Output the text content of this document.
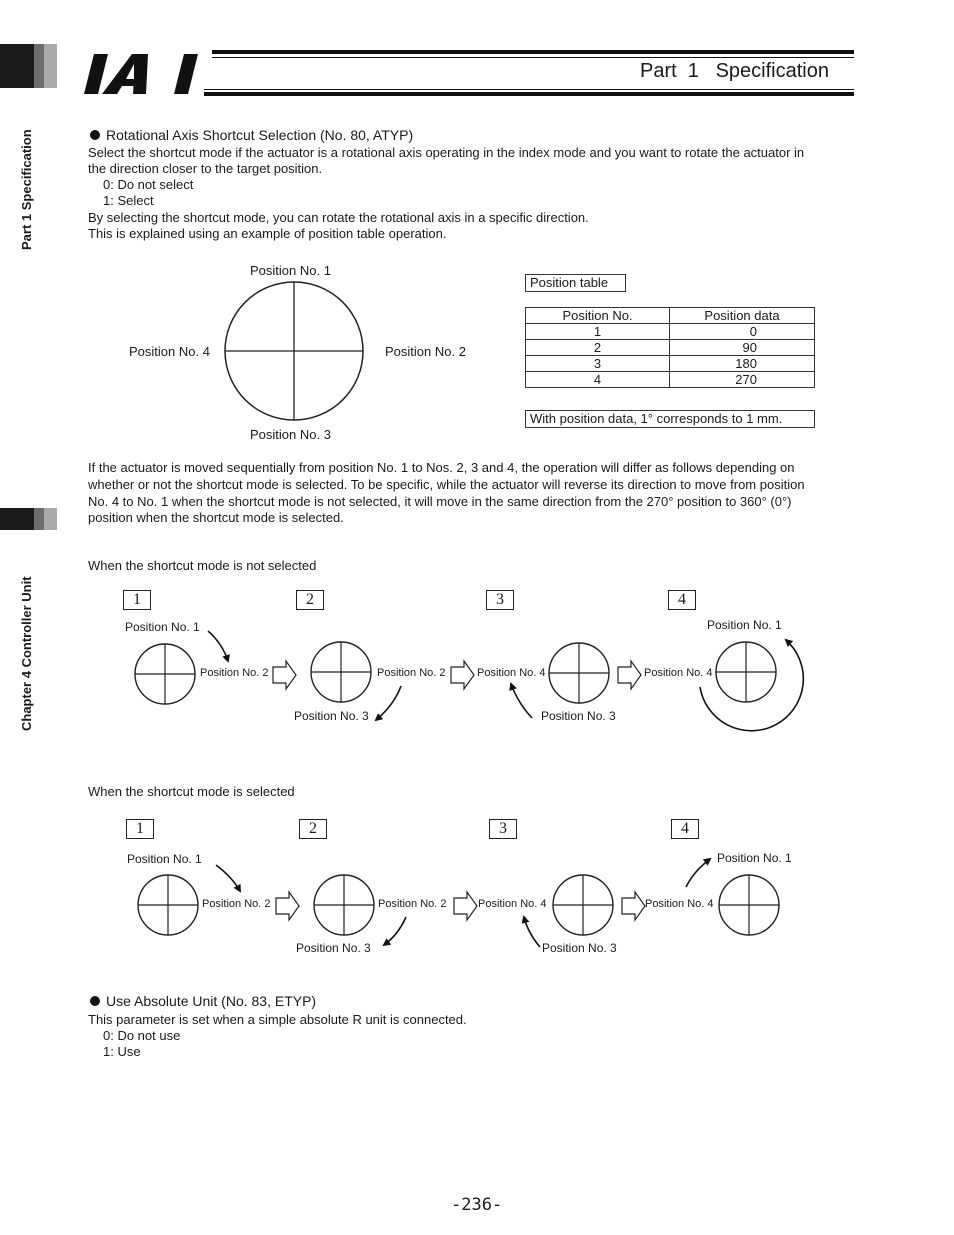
Part  1   Specification
Part 1 Specification
Chapter 4 Controller Unit
Rotational Axis Shortcut Selection (No. 80, ATYP)
Select the shortcut mode if the actuator is a rotational axis operating in the index mode and you want to rotate the actuator in
the direction closer to the target position.
0: Do not select
1: Select
By selecting the shortcut mode, you can rotate the rotational axis in a specific direction.
This is explained using an example of position table operation.
Position No. 1
Position No. 2
Position No. 3
Position No. 4
Position table
Position No.	Position data
1	0
2	90
3	180
4	270
With position data, 1° corresponds to 1 mm.
If the actuator is moved sequentially from position No. 1 to Nos. 2, 3 and 4, the operation will differ as follows depending on
whether or not the shortcut mode is selected. To be specific, while the actuator will reverse its direction to move from position
No. 4 to No. 1 when the shortcut mode is not selected, it will move in the same direction from the 270° position to 360° (0°)
position when the shortcut mode is selected.
When the shortcut mode is not selected
1	2	3	4
Position No. 1
Position No. 2	Position No. 2
Position No. 3
Position No. 4
Position No. 3
Position No. 4
Position No. 1
When the shortcut mode is selected
1	2	3	4
Position No. 1
Position No. 2	Position No. 2
Position No. 3
Position No. 4
Position No. 3
Position No. 4
Position No. 1
Use Absolute Unit (No. 83, ETYP)
This parameter is set when a simple absolute R unit is connected.
0: Do not use
1: Use
-236-
